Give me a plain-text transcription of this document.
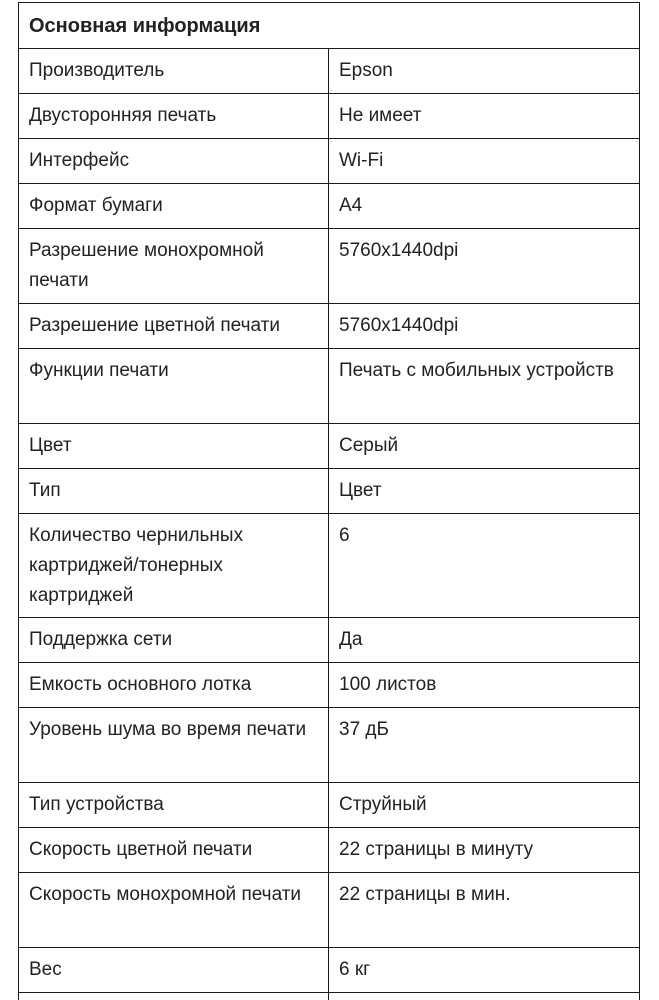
Основная информация	
Производитель	Epson
Двусторонняя печать	Не имеет
Интерфейс	Wi-Fi
Формат бумаги	A4
Разрешение монохромной печати	5760x1440dpi
Разрешение цветной печати	5760x1440dpi
Функции печати	Печать с мобильных устройств
Цвет	Серый
Тип	Цвет
Количество чернильных картриджей/тонерных картриджей	6
Поддержка сети	Да
Емкость основного лотка	100 листов
Уровень шума во время печати	37 дБ
Тип устройства	Струйный
Скорость цветной печати	22 страницы в минуту
Скорость монохромной печати	22 страницы в мин.
Вес	6 кг
